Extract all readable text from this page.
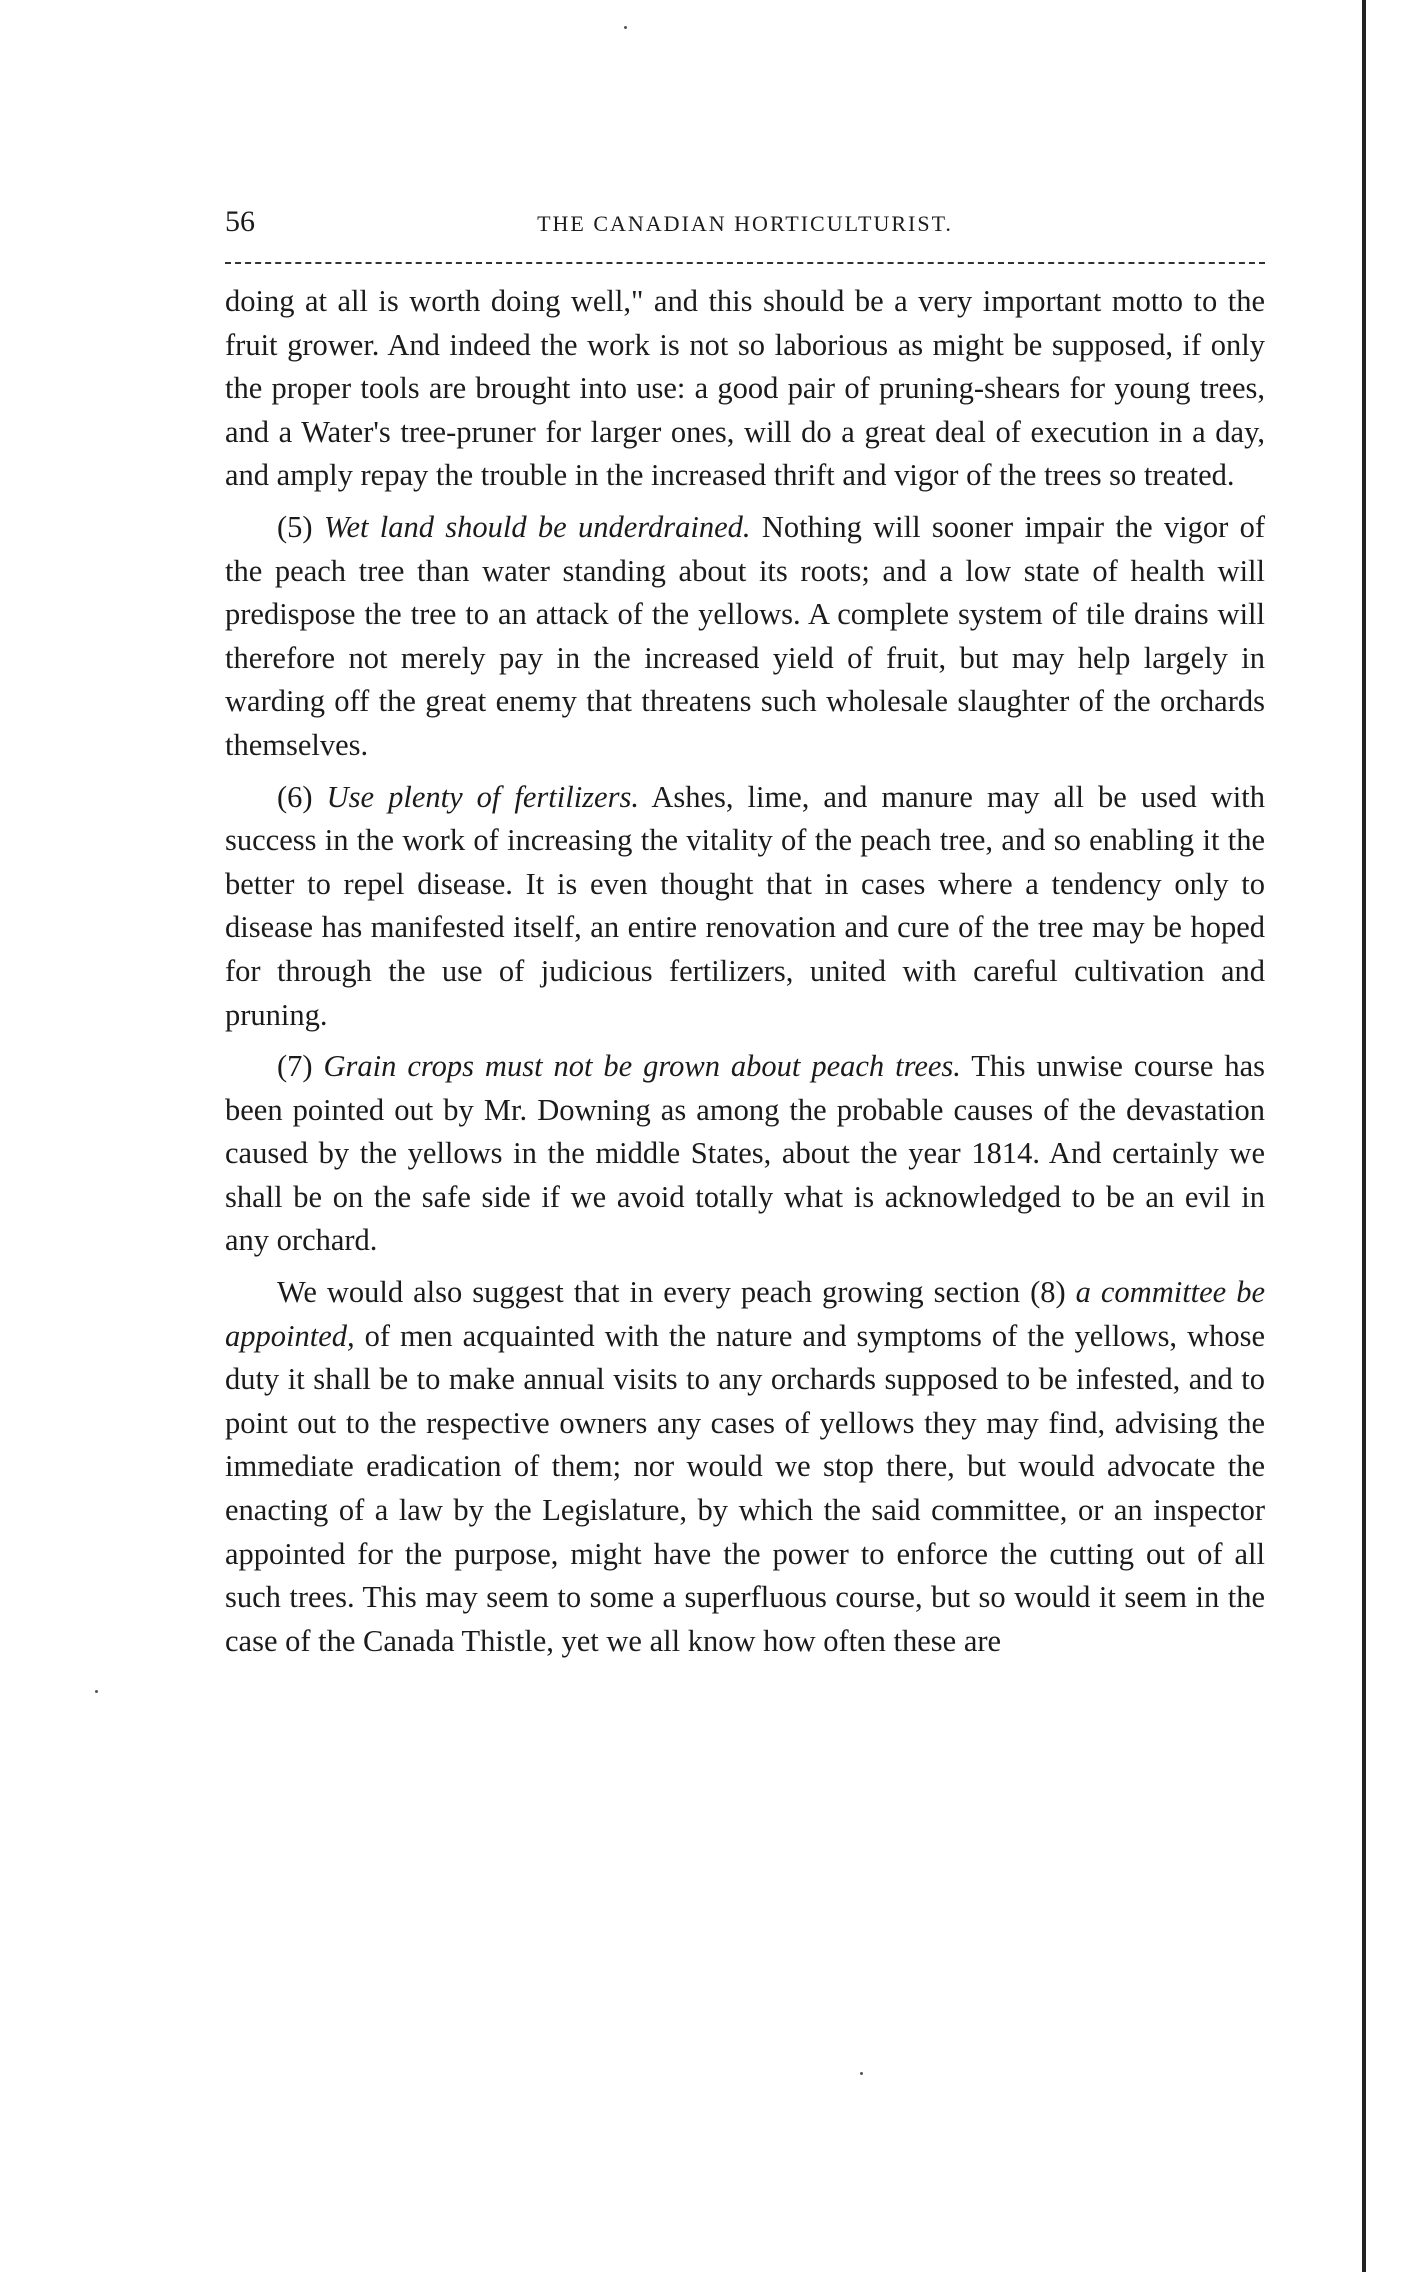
56	THE CANADIAN HORTICULTURIST.

doing at all is worth doing well," and this should be a very important motto to the fruit grower. And indeed the work is not so laborious as might be supposed, if only the proper tools are brought into use: a good pair of pruning-shears for young trees, and a Water's tree-pruner for larger ones, will do a great deal of execution in a day, and amply repay the trouble in the increased thrift and vigor of the trees so treated.

(5) Wet land should be underdrained. Nothing will sooner impair the vigor of the peach tree than water standing about its roots; and a low state of health will predispose the tree to an attack of the yellows. A complete system of tile drains will therefore not merely pay in the increased yield of fruit, but may help largely in warding off the great enemy that threatens such wholesale slaughter of the orchards themselves.

(6) Use plenty of fertilizers. Ashes, lime, and manure may all be used with success in the work of increasing the vitality of the peach tree, and so enabling it the better to repel disease. It is even thought that in cases where a tendency only to disease has manifested itself, an entire renovation and cure of the tree may be hoped for through the use of judicious fertilizers, united with careful cultivation and pruning.

(7) Grain crops must not be grown about peach trees. This unwise course has been pointed out by Mr. Downing as among the probable causes of the devastation caused by the yellows in the middle States, about the year 1814. And certainly we shall be on the safe side if we avoid totally what is acknowledged to be an evil in any orchard.

We would also suggest that in every peach growing section (8) a committee be appointed, of men acquainted with the nature and symptoms of the yellows, whose duty it shall be to make annual visits to any orchards supposed to be infested, and to point out to the respective owners any cases of yellows they may find, advising the immediate eradication of them; nor would we stop there, but would advocate the enacting of a law by the Legislature, by which the said committee, or an inspector appointed for the purpose, might have the power to enforce the cutting out of all such trees. This may seem to some a superfluous course, but so would it seem in the case of the Canada Thistle, yet we all know how often these are
